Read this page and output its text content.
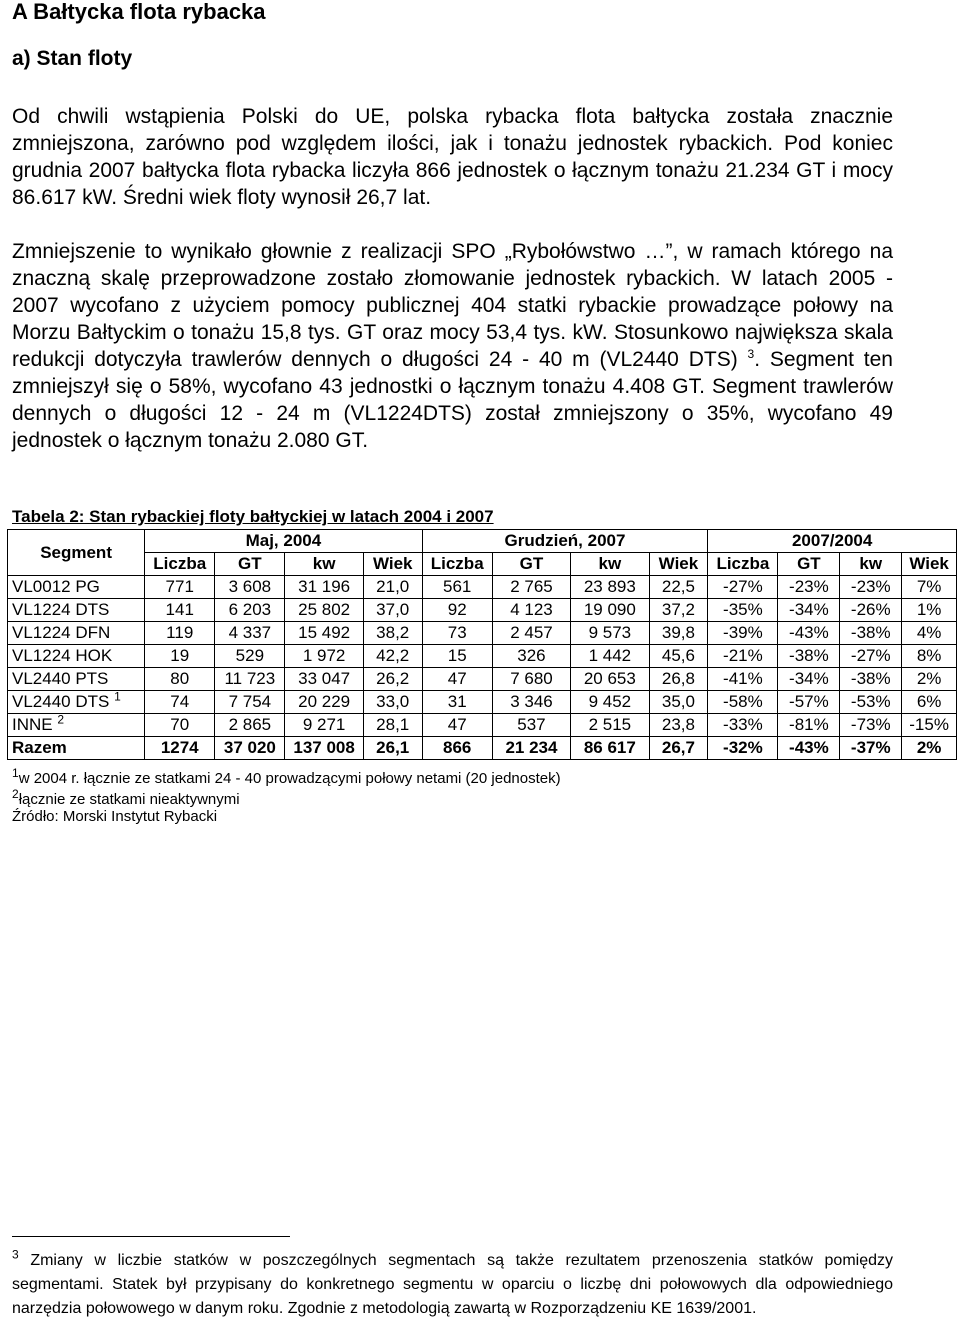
A Bałtycka flota rybacka
a) Stan floty

Od chwili wstąpienia Polski do UE, polska rybacka flota bałtycka została znacznie zmniejszona, zarówno pod względem ilości, jak i tonażu jednostek rybackich. Pod koniec grudnia 2007 bałtycka flota rybacka liczyła 866 jednostek o łącznym tonażu 21.234 GT i mocy 86.617 kW. Średni wiek floty wynosił 26,7 lat.

Zmniejszenie to wynikało głownie z realizacji SPO „Rybołówstwo …”, w ramach którego na znaczną skalę przeprowadzone zostało złomowanie jednostek rybackich. W latach 2005 - 2007 wycofano z użyciem pomocy publicznej 404 statki rybackie prowadzące połowy na Morzu Bałtyckim o tonażu 15,8 tys. GT oraz mocy 53,4 tys. kW. Stosunkowo największa skala redukcji dotyczyła trawlerów dennych o długości 24 - 40 m (VL2440 DTS) $^3$. Segment ten zmniejszył się o 58%, wycofano 43 jednostki o łącznym tonażu 4.408 GT. Segment trawlerów dennych o długości 12 - 24 m (VL1224DTS) został zmniejszony o 35%, wycofano 49 jednostek o łącznym tonażu 2.080 GT.

Tabela 2: Stan rybackiej floty bałtyckiej w latach 2004 i 2007

Segment	Maj, 2004				Grudzień, 2007				2007/2004			
	Liczba	GT	kw	Wiek	Liczba	GT	kw	Wiek	Liczba	GT	kw	Wiek
VL0012 PG	771	3 608	31 196	21,0	561	2 765	23 893	22,5	-27%	-23%	-23%	7%
VL1224 DTS	141	6 203	25 802	37,0	92	4 123	19 090	37,2	-35%	-34%	-26%	1%
VL1224 DFN	119	4 337	15 492	38,2	73	2 457	9 573	39,8	-39%	-43%	-38%	4%
VL1224 HOK	19	529	1 972	42,2	15	326	1 442	45,6	-21%	-38%	-27%	8%
VL2440 PTS	80	11 723	33 047	26,2	47	7 680	20 653	26,8	-41%	-34%	-38%	2%
VL2440 DTS $^1$	74	7 754	20 229	33,0	31	3 346	9 452	35,0	-58%	-57%	-53%	6%
INNE $^2$	70	2 865	9 271	28,1	47	537	2 515	23,8	-33%	-81%	-73%	-15%
Razem	1274	37 020	137 008	26,1	866	21 234	86 617	26,7	-32%	-43%	-37%	2%

$^1$w 2004 r. łącznie ze statkami 24 - 40 prowadzącymi połowy netami (20 jednostek)

$^2$łącznie ze statkami nieaktywnymi

Źródło: Morski Instytut Rybacki

$^3$ Zmiany w liczbie statków w poszczególnych segmentach są także rezultatem przenoszenia statków pomiędzy segmentami. Statek był przypisany do konkretnego segmentu w oparciu o liczbę dni połowowych dla odpowiedniego narzędzia połowowego w danym roku. Zgodnie z metodologią zawartą w Rozporządzeniu KE 1639/2001.
